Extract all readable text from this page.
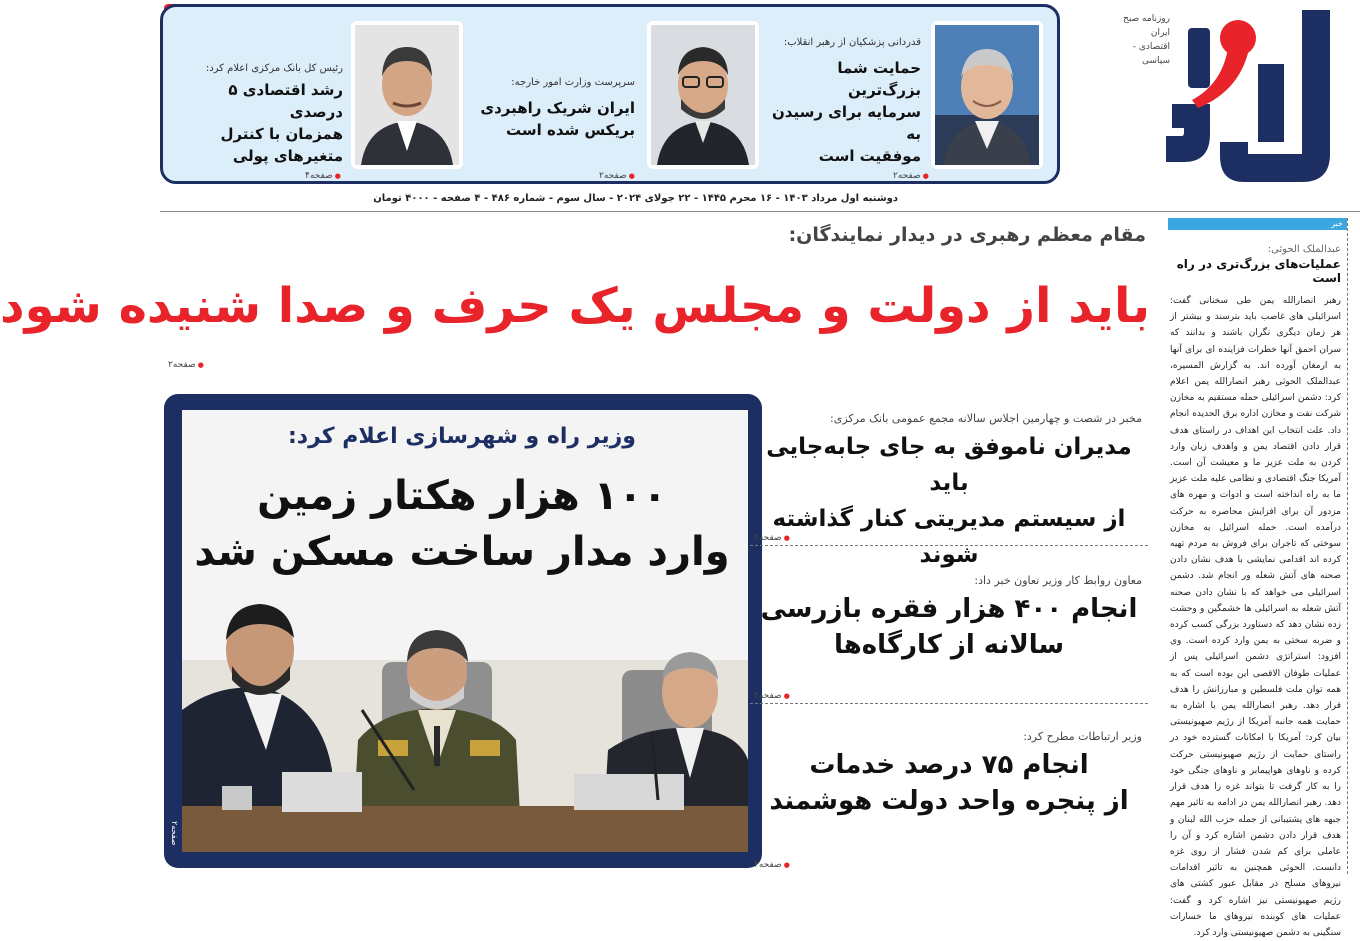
روزنامه صبح ایران
اقتصادی - سیاسی
قدردانی پزشکیان از رهبر انقلاب:
حمایت شما بزرگ‌ترین
سرمایه برای رسیدن به
موفقیت است
● صفحه۲
سرپرست وزارت امور خارجه:
ایران شریک راهبردی
بریکس شده است
● صفحه۲
رئیس کل بانک مرکزی اعلام کرد:
رشد اقتصادی ۵ درصدی
همزمان با کنترل
متغیرهای پولی
● صفحه۴
دوشنبه اول مرداد ۱۴۰۳ - ۱۶ محرم ۱۴۴۵ - ۲۲ جولای ۲۰۲۴ - سال سوم - شماره ۴۸۶ - ۴ صفحه - ۴۰۰۰ تومان
خبر
عبدالملک الحوثی:
عملیات‌های بزرگ‌تری در راه است
رهبر انصارالله یمن طی سخنانی گفت: اسرائیلی های غاصب باید بترسند و بیشتر از هر زمان دیگری نگران باشند و بدانند که سران احمق آنها خطرات فزاینده ای برای آنها به ارمغان آورده اند. به گزارش المسیره، عبدالملک الحوثی رهبر انصارالله یمن اعلام کرد: دشمن اسرائیلی حمله مستقیم به مخازن شرکت نفت و مخازن اداره برق الحدیده انجام داد. علت انتخاب این اهداف در راستای هدف قرار دادن اقتصاد یمن و واهدف زبان وارد کردن به ملت عزیز ما و معیشت آن است. آمریکا جنگ اقتصادی و نظامی علیه ملت عزیز ما به راه انداخته است و ادوات و مهره های مزدور آن برای افزایش محاصره به حرکت درآمده است. حمله اسرائیل به مخازن سوختی که تاجران برای فروش به مردم تهیه کرده اند اقدامی نمایشی با هدف نشان دادن صحنه های آتش شعله ور انجام شد. دشمن اسرائیلی می خواهد که با نشان دادن صحنه آتش شعله به اسرائیلی ها خشمگین و وحشت زده نشان دهد که دستاورد بزرگی کسب کرده و ضربه سختی به یمن وارد کرده است. وی افزود: استراتژی دشمن اسرائیلی پس از عملیات طوفان الاقصی این بوده است که به همه توان ملت فلسطین و مبارزانش را هدف قرار دهد. رهبر انصارالله یمن با اشاره به حمایت همه جانبه آمریکا از رژیم صهیونیستی بیان کرد: آمریکا با امکانات گسترده خود در راستای حمایت از رژیم صهیونیستی حرکت کرده و ناوهای هواپیمابر و ناوهای جنگی خود را به کار گرفت تا بتواند غزه را هدف قرار دهد. رهبر انصارالله یمن در ادامه به تاثیر مهم جبهه های پشتیبانی از جمله حزب الله لبنان و هدف قرار دادن دشمن اشاره کرد و آن را عاملی برای کم شدن فشار از روی غزه دانست. الحوثی همچنین به تاثیر اقدامات نیروهای مسلح در مقابل عبور کشتی های رژیم صهیونیستی نیز اشاره کرد و گفت: عملیات های کوبنده نیروهای ما خسارات سنگینی به دشمن صهیونیستی وارد کرد.
مقام معظم رهبری در دیدار نمایندگان:
باید از دولت و مجلس یک حرف و صدا شنیده شود
● صفحه۲
وزیر راه و شهرسازی اعلام کرد:
۱۰۰ هزار هکتار زمین
وارد مدار ساخت مسکن شد
صفحه۲
مخبر در شصت و چهارمین اجلاس سالانه مجمع عمومی بانک مرکزی:
مدیران ناموفق به جای جابه‌جایی باید
از سیستم مدیریتی کنار گذاشته شوند
● صفحه۲
معاون روابط کار وزیر تعاون خبر داد:
انجام ۴۰۰ هزار فقره بازرسی
سالانه از کارگاه‌ها
● صفحه۴
وزیر ارتباطات مطرح کرد:
انجام ۷۵ درصد خدمات
از پنجره واحد دولت هوشمند
● صفحه۴
